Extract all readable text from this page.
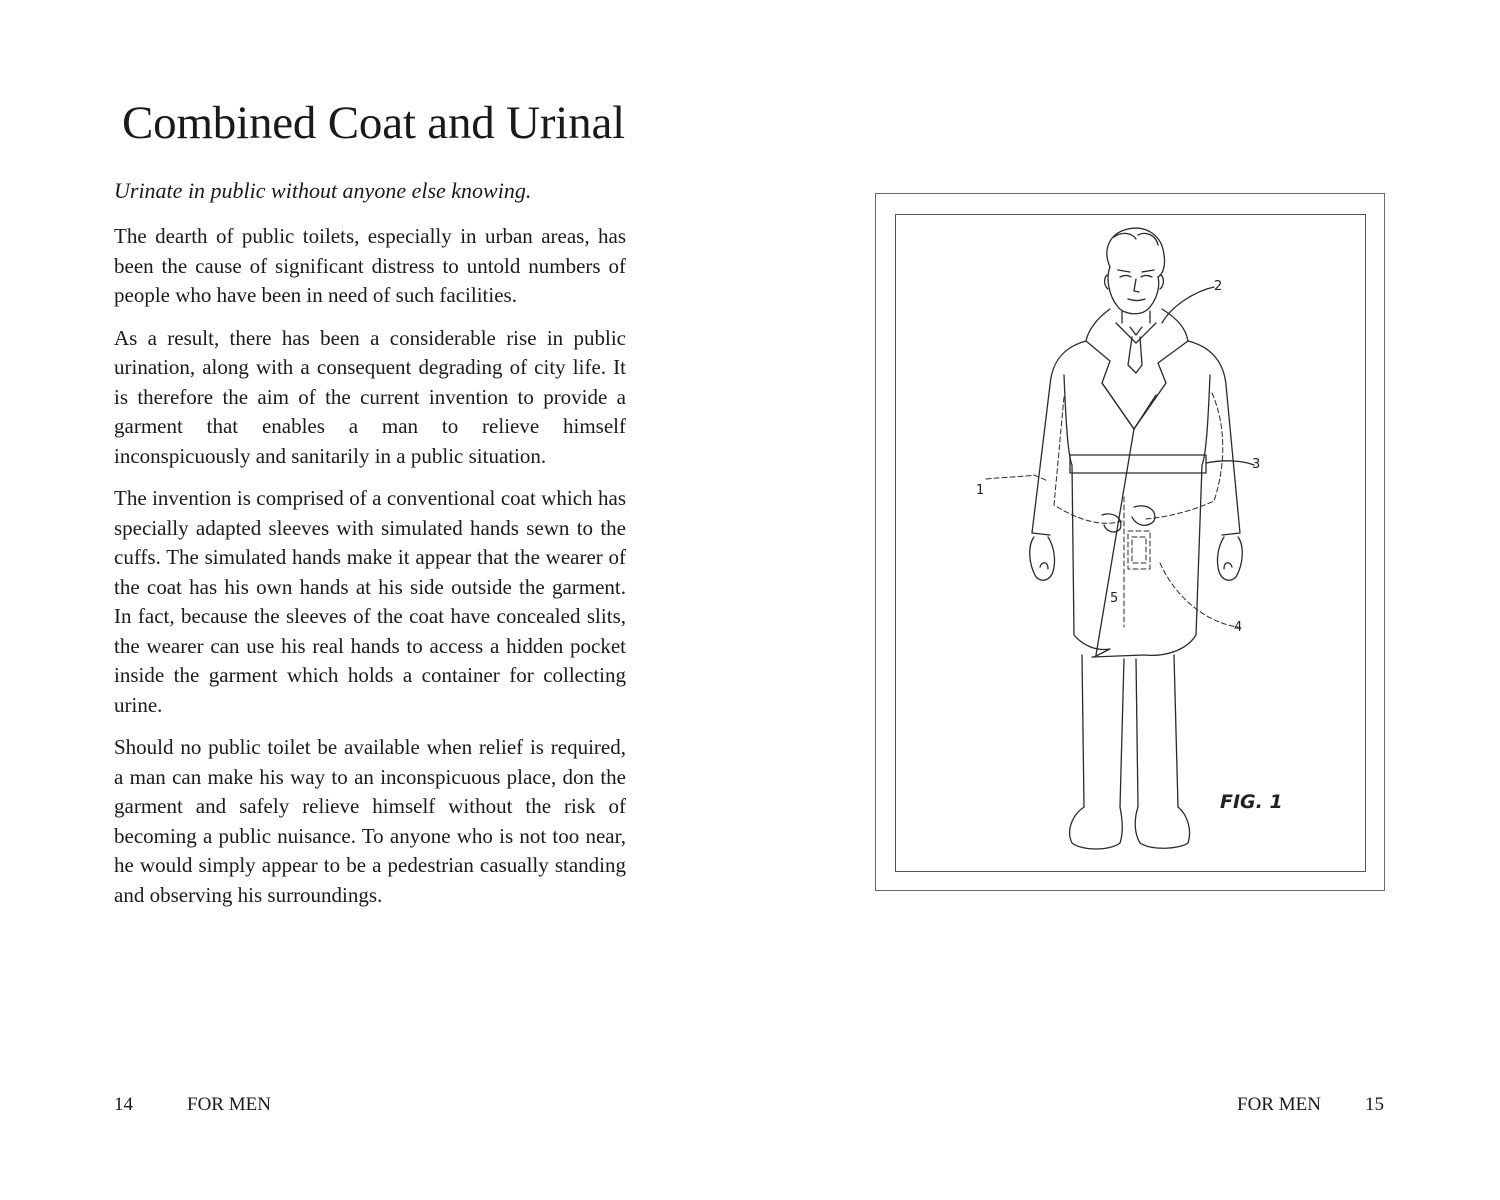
Combined Coat and Urinal

Urinate in public without anyone else knowing.

The dearth of public toilets, especially in urban areas, has been the cause of significant distress to untold numbers of people who have been in need of such facilities.

As a result, there has been a considerable rise in public urination, along with a consequent degrading of city life. It is therefore the aim of the current invention to provide a garment that enables a man to relieve himself inconspicuously and sanitarily in a public situation.

The invention is comprised of a conventional coat which has specially adapted sleeves with simulated hands sewn to the cuffs. The simulated hands make it appear that the wearer of the coat has his own hands at his side outside the garment. In fact, because the sleeves of the coat have concealed slits, the wearer can use his real hands to access a hidden pocket inside the garment which holds a container for collecting urine.

Should no public toilet be available when relief is required, a man can make his way to an inconspicuous place, don the garment and safely relieve himself without the risk of becoming a public nuisance. To anyone who is not too near, he would simply appear to be a pedestrian casually standing and observing his surroundings.

14	FOR MEN
1
2
3
4
5
FIG. 1
FOR MEN 15
